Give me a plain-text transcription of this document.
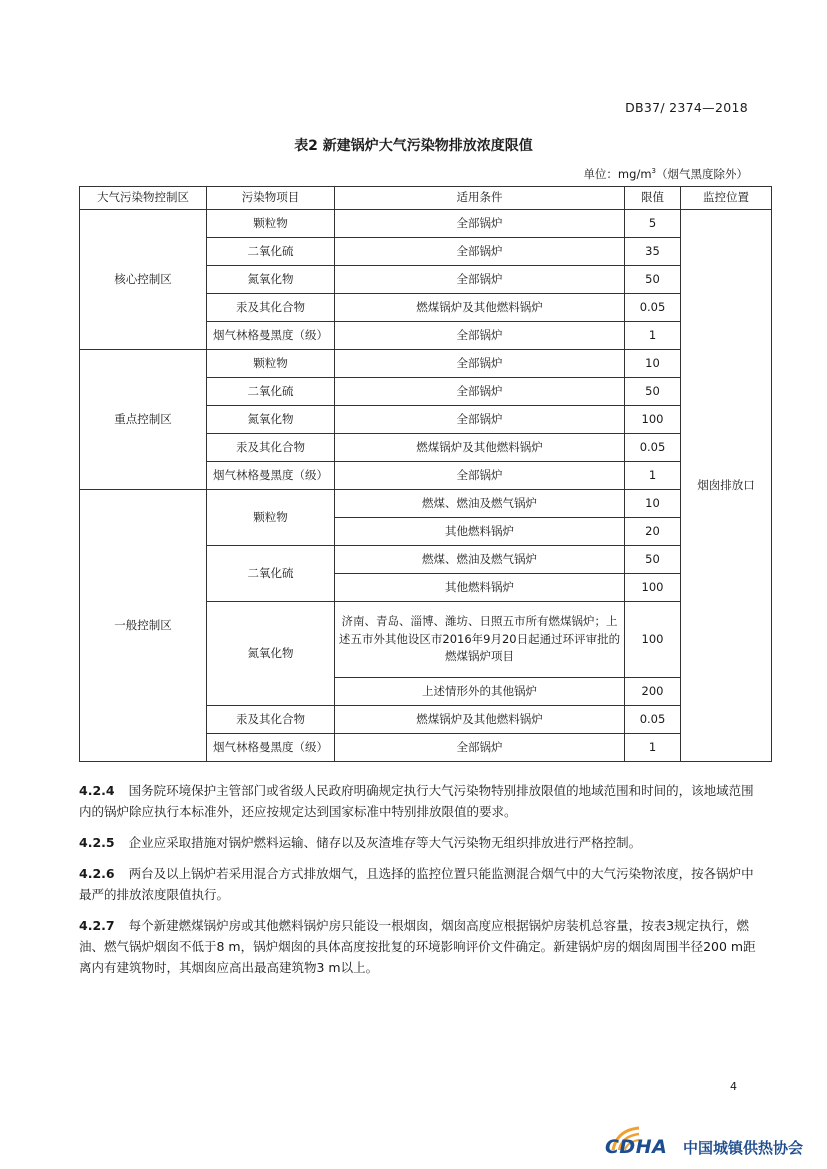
DB37/ 2374—2018
表2 新建锅炉大气污染物排放浓度限值
单位：$mg/m^3$（烟气黑度除外）
大气污染物控制区	污染物项目	适用条件	限值	监控位置
核心控制区	颗粒物	全部锅炉	5	烟囱排放口
	二氧化硫	全部锅炉	35	
	氮氧化物	全部锅炉	50	
	汞及其化合物	燃煤锅炉及其他燃料锅炉	0.05	
	烟气林格曼黑度（级）	全部锅炉	1	
重点控制区	颗粒物	全部锅炉	10	
	二氧化硫	全部锅炉	50	
	氮氧化物	全部锅炉	100	
	汞及其化合物	燃煤锅炉及其他燃料锅炉	0.05	
	烟气林格曼黑度（级）	全部锅炉	1	
一般控制区	颗粒物	燃煤、燃油及燃气锅炉	10	
		其他燃料锅炉	20	
	二氧化硫	燃煤、燃油及燃气锅炉	50	
		其他燃料锅炉	100	
	氮氧化物	济南、青岛、淄博、潍坊、日照五市所有燃煤锅炉；上述五市外其他设区市2016年9月20日起通过环评审批的燃煤锅炉项目	100	
		上述情形外的其他锅炉	200	
	汞及其化合物	燃煤锅炉及其他燃料锅炉	0.05	
	烟气林格曼黑度（级）	全部锅炉	1	

4.2.4 国务院环境保护主管部门或省级人民政府明确规定执行大气污染物特别排放限值的地域范围和时间的，该地域范围内的锅炉除应执行本标准外，还应按规定达到国家标准中特别排放限值的要求。

4.2.5 企业应采取措施对锅炉燃料运输、储存以及灰渣堆存等大气污染物无组织排放进行严格控制。

4.2.6 两台及以上锅炉若采用混合方式排放烟气，且选择的监控位置只能监测混合烟气中的大气污染物浓度，按各锅炉中最严的排放浓度限值执行。

4.2.7 每个新建燃煤锅炉房或其他燃料锅炉房只能设一根烟囱，烟囱高度应根据锅炉房装机总容量，按表3规定执行，燃油、燃气锅炉烟囱不低于8 m，锅炉烟囱的具体高度按批复的环境影响评价文件确定。新建锅炉房的烟囱周围半径200 m距离内有建筑物时，其烟囱应高出最高建筑物3 m以上。

4
CDHA 中国城镇供热协会
